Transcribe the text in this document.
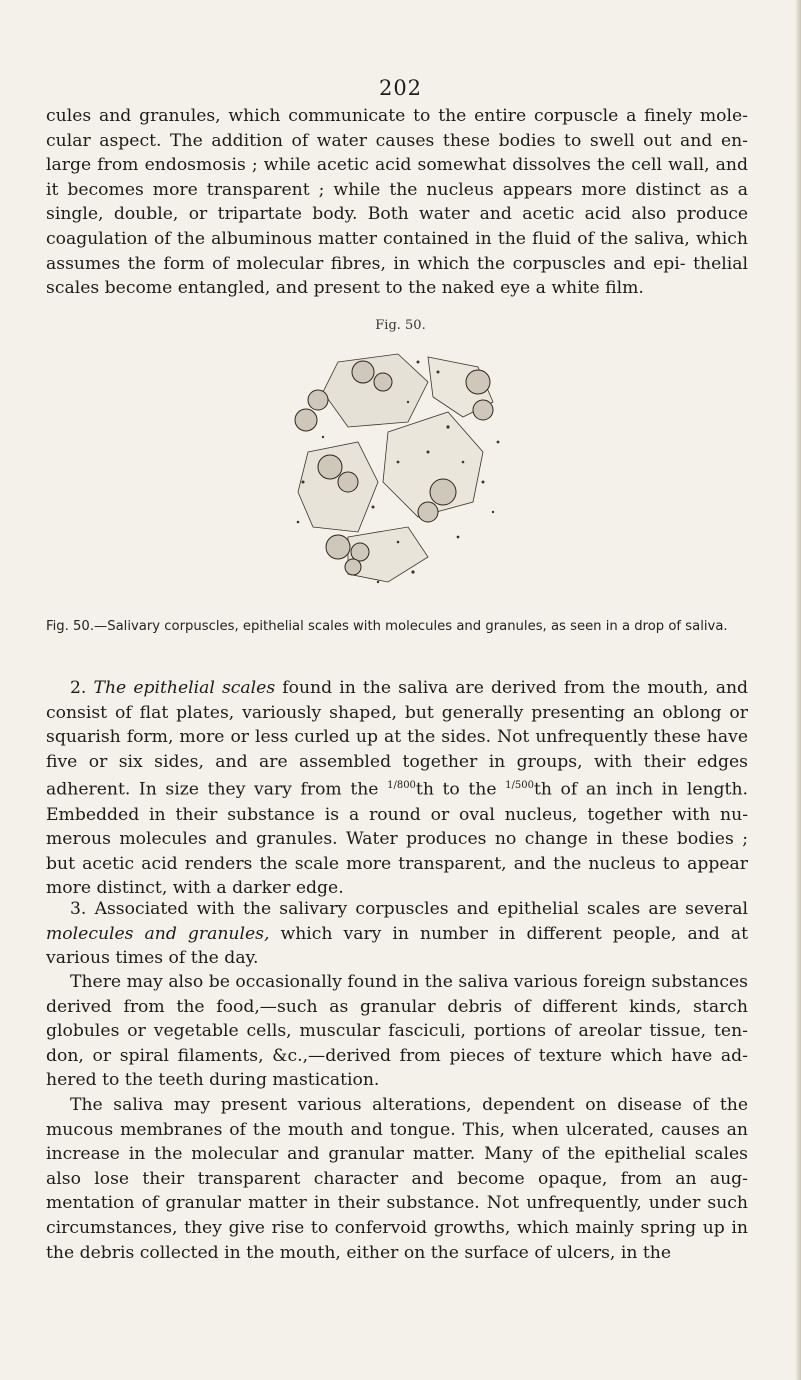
202

cules and granules, which communicate to the entire corpuscle a finely mole- cular aspect. The addition of water causes these bodies to swell out and en- large from endosmosis ; while acetic acid somewhat dissolves the cell wall, and it becomes more transparent ; while the nucleus appears more distinct as a single, double, or tripartate body. Both water and acetic acid also produce coagulation of the albuminous matter contained in the fluid of the saliva, which assumes the form of molecular fibres, in which the corpuscles and epi- thelial scales become entangled, and present to the naked eye a white film.

Fig. 50.

Fig. 50.—Salivary corpuscles, epithelial scales with molecules and granules, as seen in a drop of saliva.

2. The epithelial scales found in the saliva are derived from the mouth, and consist of flat plates, variously shaped, but generally presenting an oblong or squarish form, more or less curled up at the sides. Not unfrequently these have five or six sides, and are assembled together in groups, with their edges adherent. In size they vary from the $^{1/800}$th to the $^{1/500}$th of an inch in length. Embedded in their substance is a round or oval nucleus, together with nu- merous molecules and granules. Water produces no change in these bodies ; but acetic acid renders the scale more transparent, and the nucleus to appear more distinct, with a darker edge.

3. Associated with the salivary corpuscles and epithelial scales are several molecules and granules, which vary in number in different people, and at various times of the day.

There may also be occasionally found in the saliva various foreign substances derived from the food,—such as granular debris of different kinds, starch globules or vegetable cells, muscular fasciculi, portions of areolar tissue, ten- don, or spiral filaments, &c.,—derived from pieces of texture which have ad- hered to the teeth during mastication.

The saliva may present various alterations, dependent on disease of the mucous membranes of the mouth and tongue. This, when ulcerated, causes an increase in the molecular and granular matter. Many of the epithelial scales also lose their transparent character and become opaque, from an aug- mentation of granular matter in their substance. Not unfrequently, under such circumstances, they give rise to confervoid growths, which mainly spring up in the debris collected in the mouth, either on the surface of ulcers, in the
